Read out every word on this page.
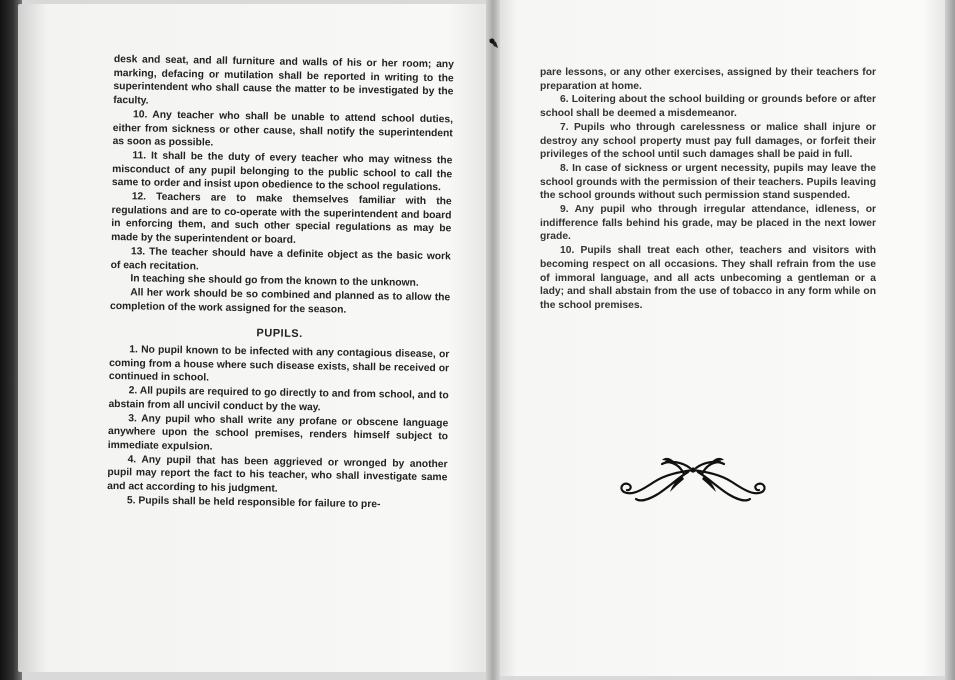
desk and seat, and all furniture and walls of his or her room; any marking, defacing or mutilation shall be reported in writing to the superintendent who shall cause the matter to be investigated by the faculty.

10. Any teacher who shall be unable to attend school duties, either from sickness or other cause, shall notify the superintendent as soon as possible.

11. It shall be the duty of every teacher who may witness the misconduct of any pupil belonging to the public school to call the same to order and insist upon obedience to the school regulations.

12. Teachers are to make themselves familiar with the regulations and are to co-operate with the superintendent and board in enforcing them, and such other special regulations as may be made by the superintendent or board.

13. The teacher should have a definite object as the basic work of each recitation.

In teaching she should go from the known to the unknown.

All her work should be so combined and planned as to allow the completion of the work assigned for the season.

PUPILS.

1. No pupil known to be infected with any contagious disease, or coming from a house where such disease exists, shall be received or continued in school.

2. All pupils are required to go directly to and from school, and to abstain from all uncivil conduct by the way.

3. Any pupil who shall write any profane or obscene language anywhere upon the school premises, renders himself subject to immediate expulsion.

4. Any pupil that has been aggrieved or wronged by another pupil may report the fact to his teacher, who shall investigate same and act according to his judgment.

5. Pupils shall be held responsible for failure to pre-

pare lessons, or any other exercises, assigned by their teachers for preparation at home.

6. Loitering about the school building or grounds before or after school shall be deemed a misdemeanor.

7. Pupils who through carelessness or malice shall injure or destroy any school property must pay full damages, or forfeit their privileges of the school until such damages shall be paid in full.

8. In case of sickness or urgent necessity, pupils may leave the school grounds with the permission of their teachers. Pupils leaving the school grounds without such permission stand suspended.

9. Any pupil who through irregular attendance, idleness, or indifference falls behind his grade, may be placed in the next lower grade.

10. Pupils shall treat each other, teachers and visitors with becoming respect on all occasions. They shall refrain from the use of immoral language, and all acts unbecoming a gentleman or a lady; and shall abstain from the use of tobacco in any form while on the school premises.
